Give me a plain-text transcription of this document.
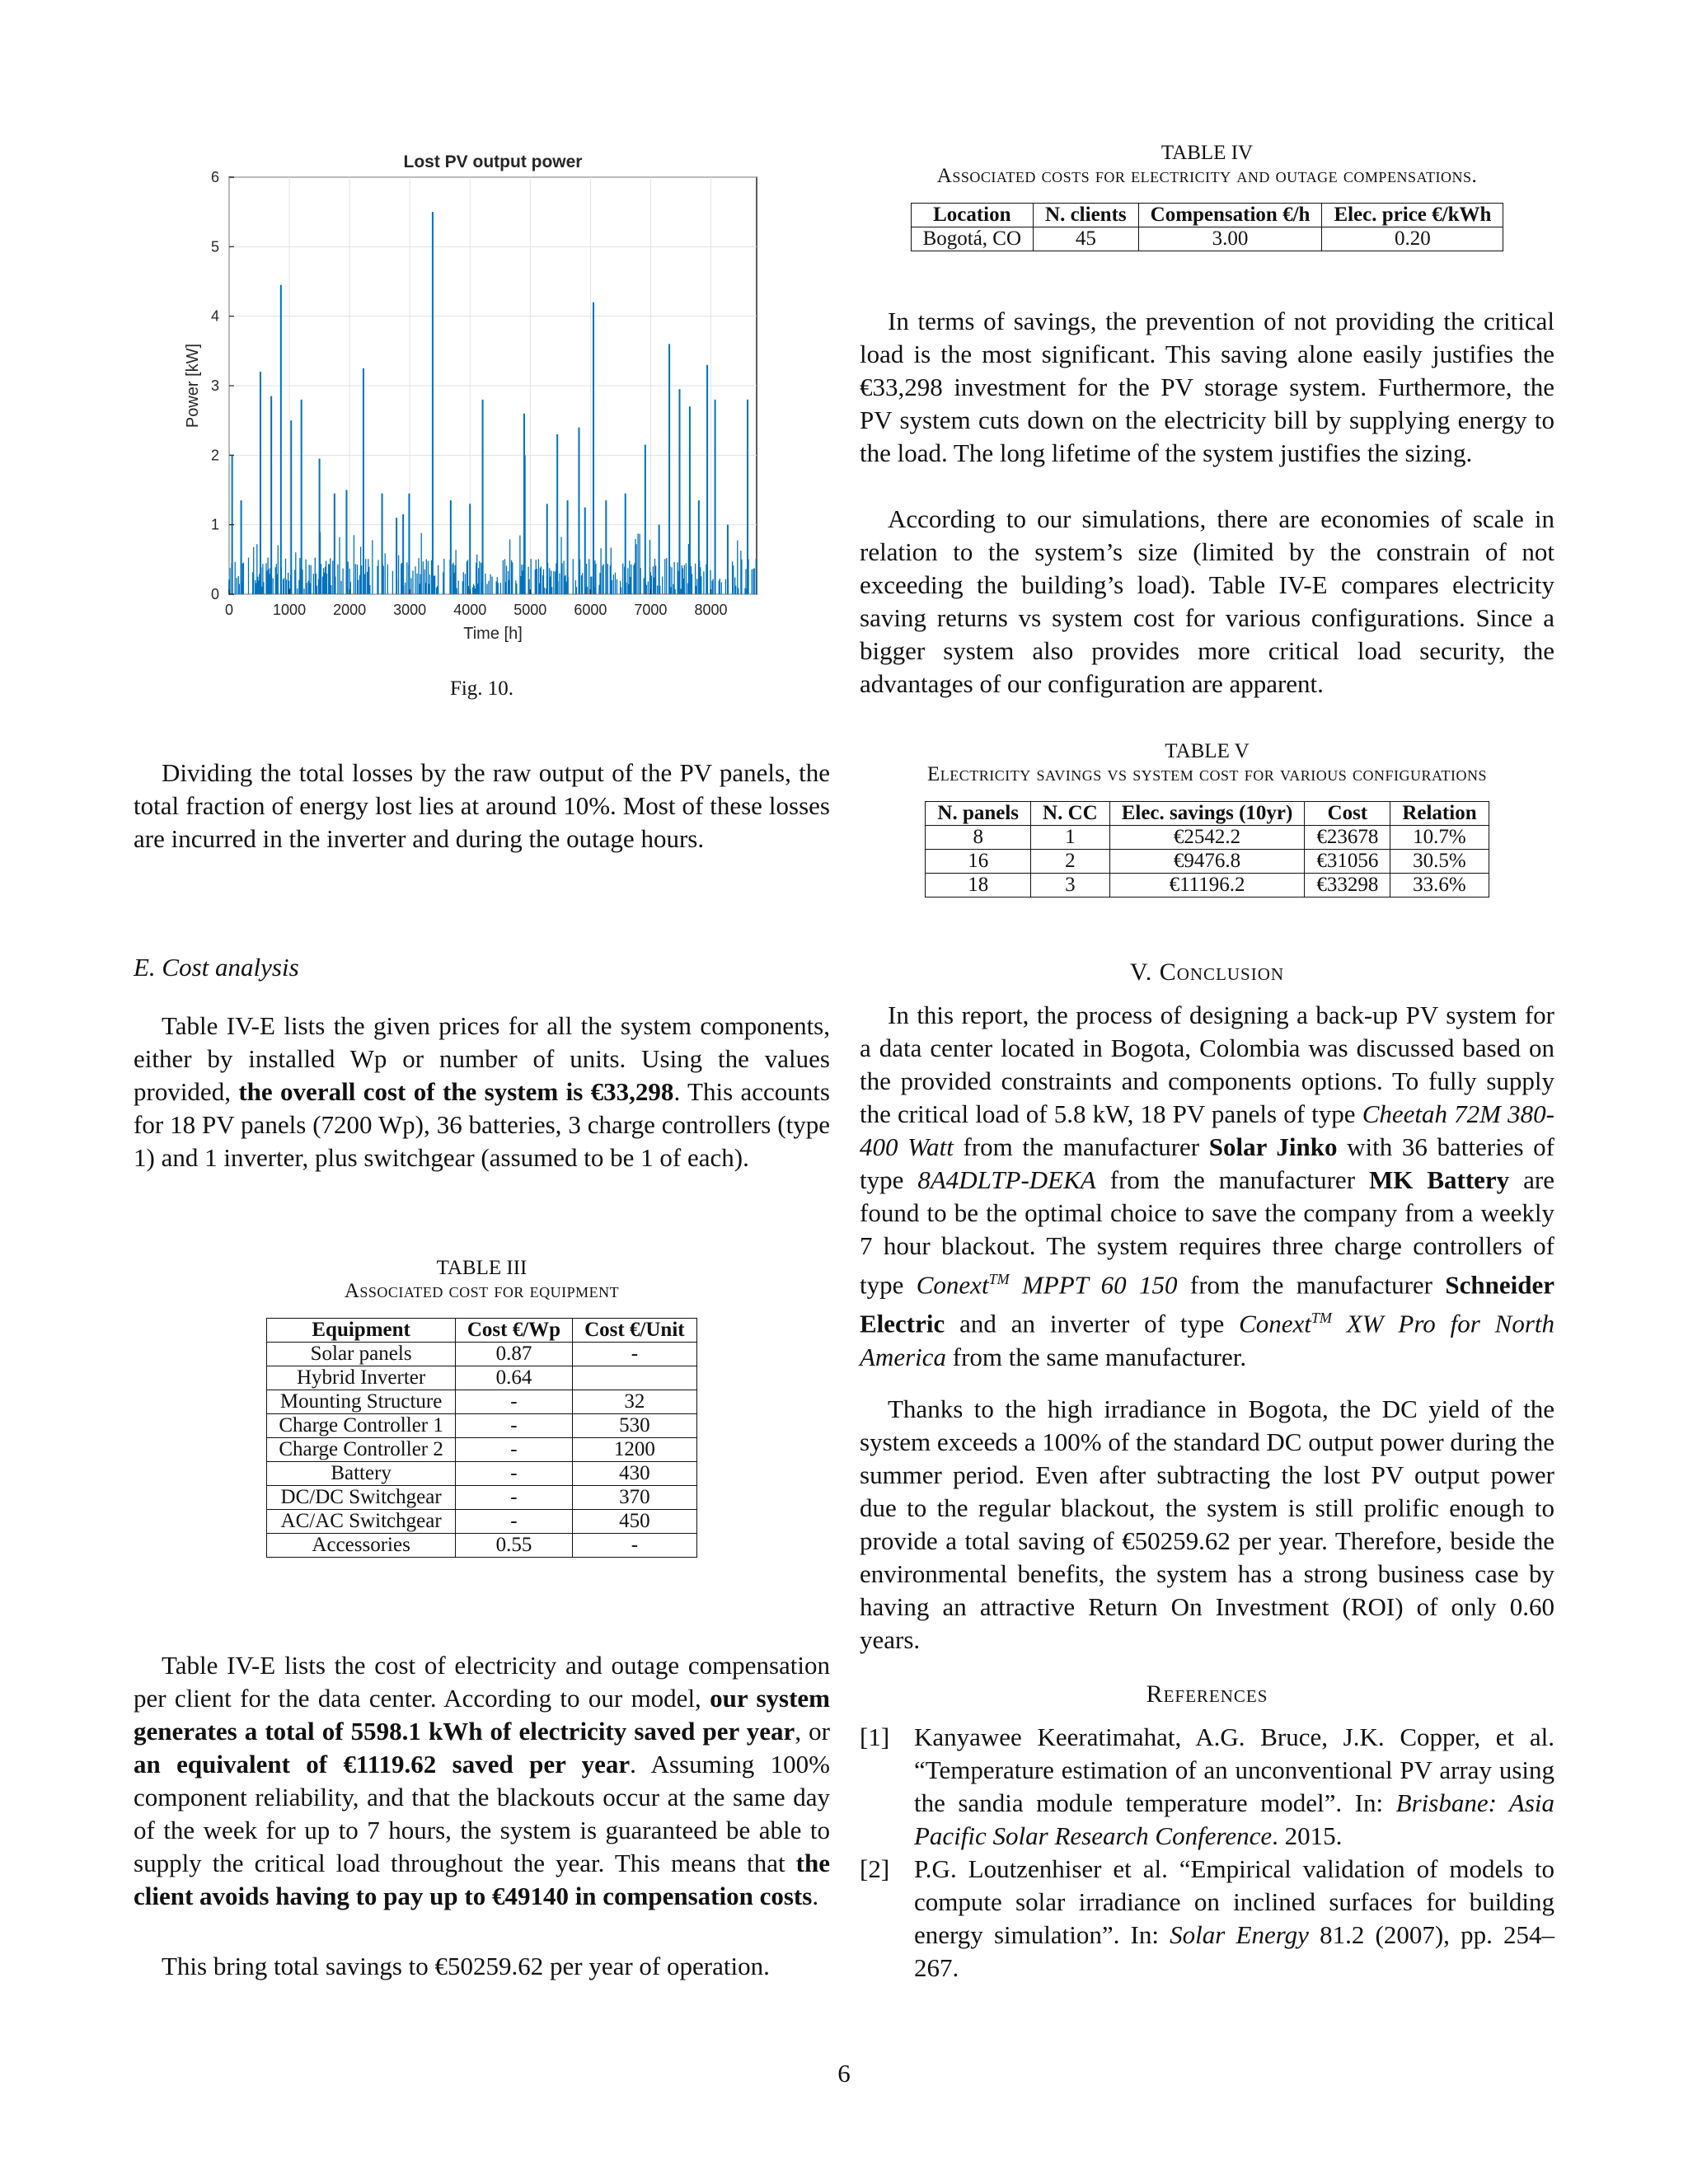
0	1000 2000 3000 4000 5000 6000 7000 8000
0
1
2
3
4
5
6
Lost PV output power
Time [h]
Power [kW]
Fig. 10.

Dividing the total losses by the raw output of the PV panels, the total fraction of energy lost lies at around 10%. Most of these losses are incurred in the inverter and during the outage hours.

E. Cost analysis

Table IV-E lists the given prices for all the system components, either by installed Wp or number of units. Using the values provided, the overall cost of the system is €33,298. This accounts for 18 PV panels (7200 Wp), 36 batteries, 3 charge controllers (type 1) and 1 inverter, plus switchgear (assumed to be 1 of each).

TABLE III
Associated cost for equipment
Equipment	Cost €/Wp	Cost €/Unit
Solar panels	0.87	-
Hybrid Inverter	0.64	
Mounting Structure	-	32
Charge Controller 1	-	530
Charge Controller 2	-	1200
Battery	-	430
DC/DC Switchgear	-	370
AC/AC Switchgear	-	450
Accessories	0.55	-

Table IV-E lists the cost of electricity and outage compensation per client for the data center. According to our model, our system generates a total of 5598.1 kWh of electricity saved per year, or an equivalent of €1119.62 saved per year. Assuming 100% component reliability, and that the blackouts occur at the same day of the week for up to 7 hours, the system is guaranteed be able to supply the critical load throughout the year. This means that the client avoids having to pay up to €49140 in compensation costs.

This bring total savings to €50259.62 per year of operation.

TABLE IV
Associated costs for electricity and outage compensations.
Location	N. clients	Compensation €/h	Elec. price €/kWh
Bogotá, CO	45	3.00	0.20

In terms of savings, the prevention of not providing the critical load is the most significant. This saving alone easily justifies the €33,298 investment for the PV storage system. Furthermore, the PV system cuts down on the electricity bill by supplying energy to the load. The long lifetime of the system justifies the sizing.

According to our simulations, there are economies of scale in relation to the system’s size (limited by the constrain of not exceeding the building’s load). Table IV-E compares electricity saving returns vs system cost for various configurations. Since a bigger system also provides more critical load security, the advantages of our configuration are apparent.

TABLE V
Electricity savings vs system cost for various configurations
N. panels	N. CC	Elec. savings (10yr)	Cost	Relation
8	1	€2542.2	€23678	10.7%
16	2	€9476.8	€31056	30.5%
18	3	€11196.2	€33298	33.6%
V. Conclusion

In this report, the process of designing a back-up PV system for a data center located in Bogota, Colombia was discussed based on the provided constraints and components options. To fully supply the critical load of 5.8 kW, 18 PV panels of type Cheetah 72M 380-400 Watt from the manufacturer Solar Jinko with 36 batteries of type 8A4DLTP-DEKA from the manufacturer MK Battery are found to be the optimal choice to save the company from a weekly 7 hour blackout. The system requires three charge controllers of type Conext™ MPPT 60 150 from the manufacturer Schneider Electric and an inverter of type Conext™ XW Pro for North America from the same manufacturer.

Thanks to the high irradiance in Bogota, the DC yield of the system exceeds a 100% of the standard DC output power during the summer period. Even after subtracting the lost PV output power due to the regular blackout, the system is still prolific enough to provide a total saving of €50259.62 per year. Therefore, beside the environmental benefits, the system has a strong business case by having an attractive Return On Investment (ROI) of only 0.60 years.

References
[1] Kanyawee Keeratimahat, A.G. Bruce, J.K. Copper, et al. “Temperature estimation of an unconventional PV array using the sandia module temperature model”. In: Brisbane: Asia Pacific Solar Research Conference. 2015.
[2] P.G. Loutzenhiser et al. “Empirical validation of models to compute solar irradiance on inclined surfaces for building energy simulation”. In: Solar Energy 81.2 (2007), pp. 254–267.
6
